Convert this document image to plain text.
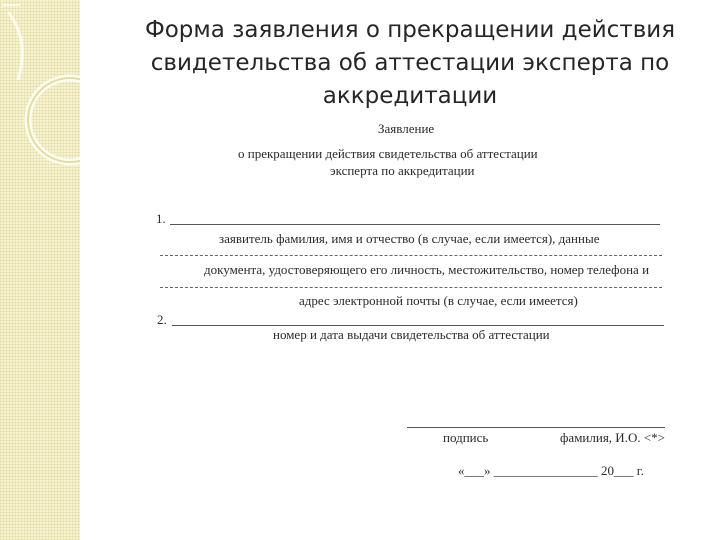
Форма заявления о прекращении действия
свидетельства об аттестации эксперта по
аккредитации
Заявление
о прекращении действия свидетельства об аттестации
эксперта по аккредитации
1.
заявитель фамилия, имя и отчество (в случае, если имеется), данные
документа, удостоверяющего его личность, местожительство, номер телефона и
адрес электронной почты (в случае, если имеется)
2.
номер и дата выдачи свидетельства об аттестации
подпись	фамилия, И.О. <*>
«___» ________________ 20___ г.
